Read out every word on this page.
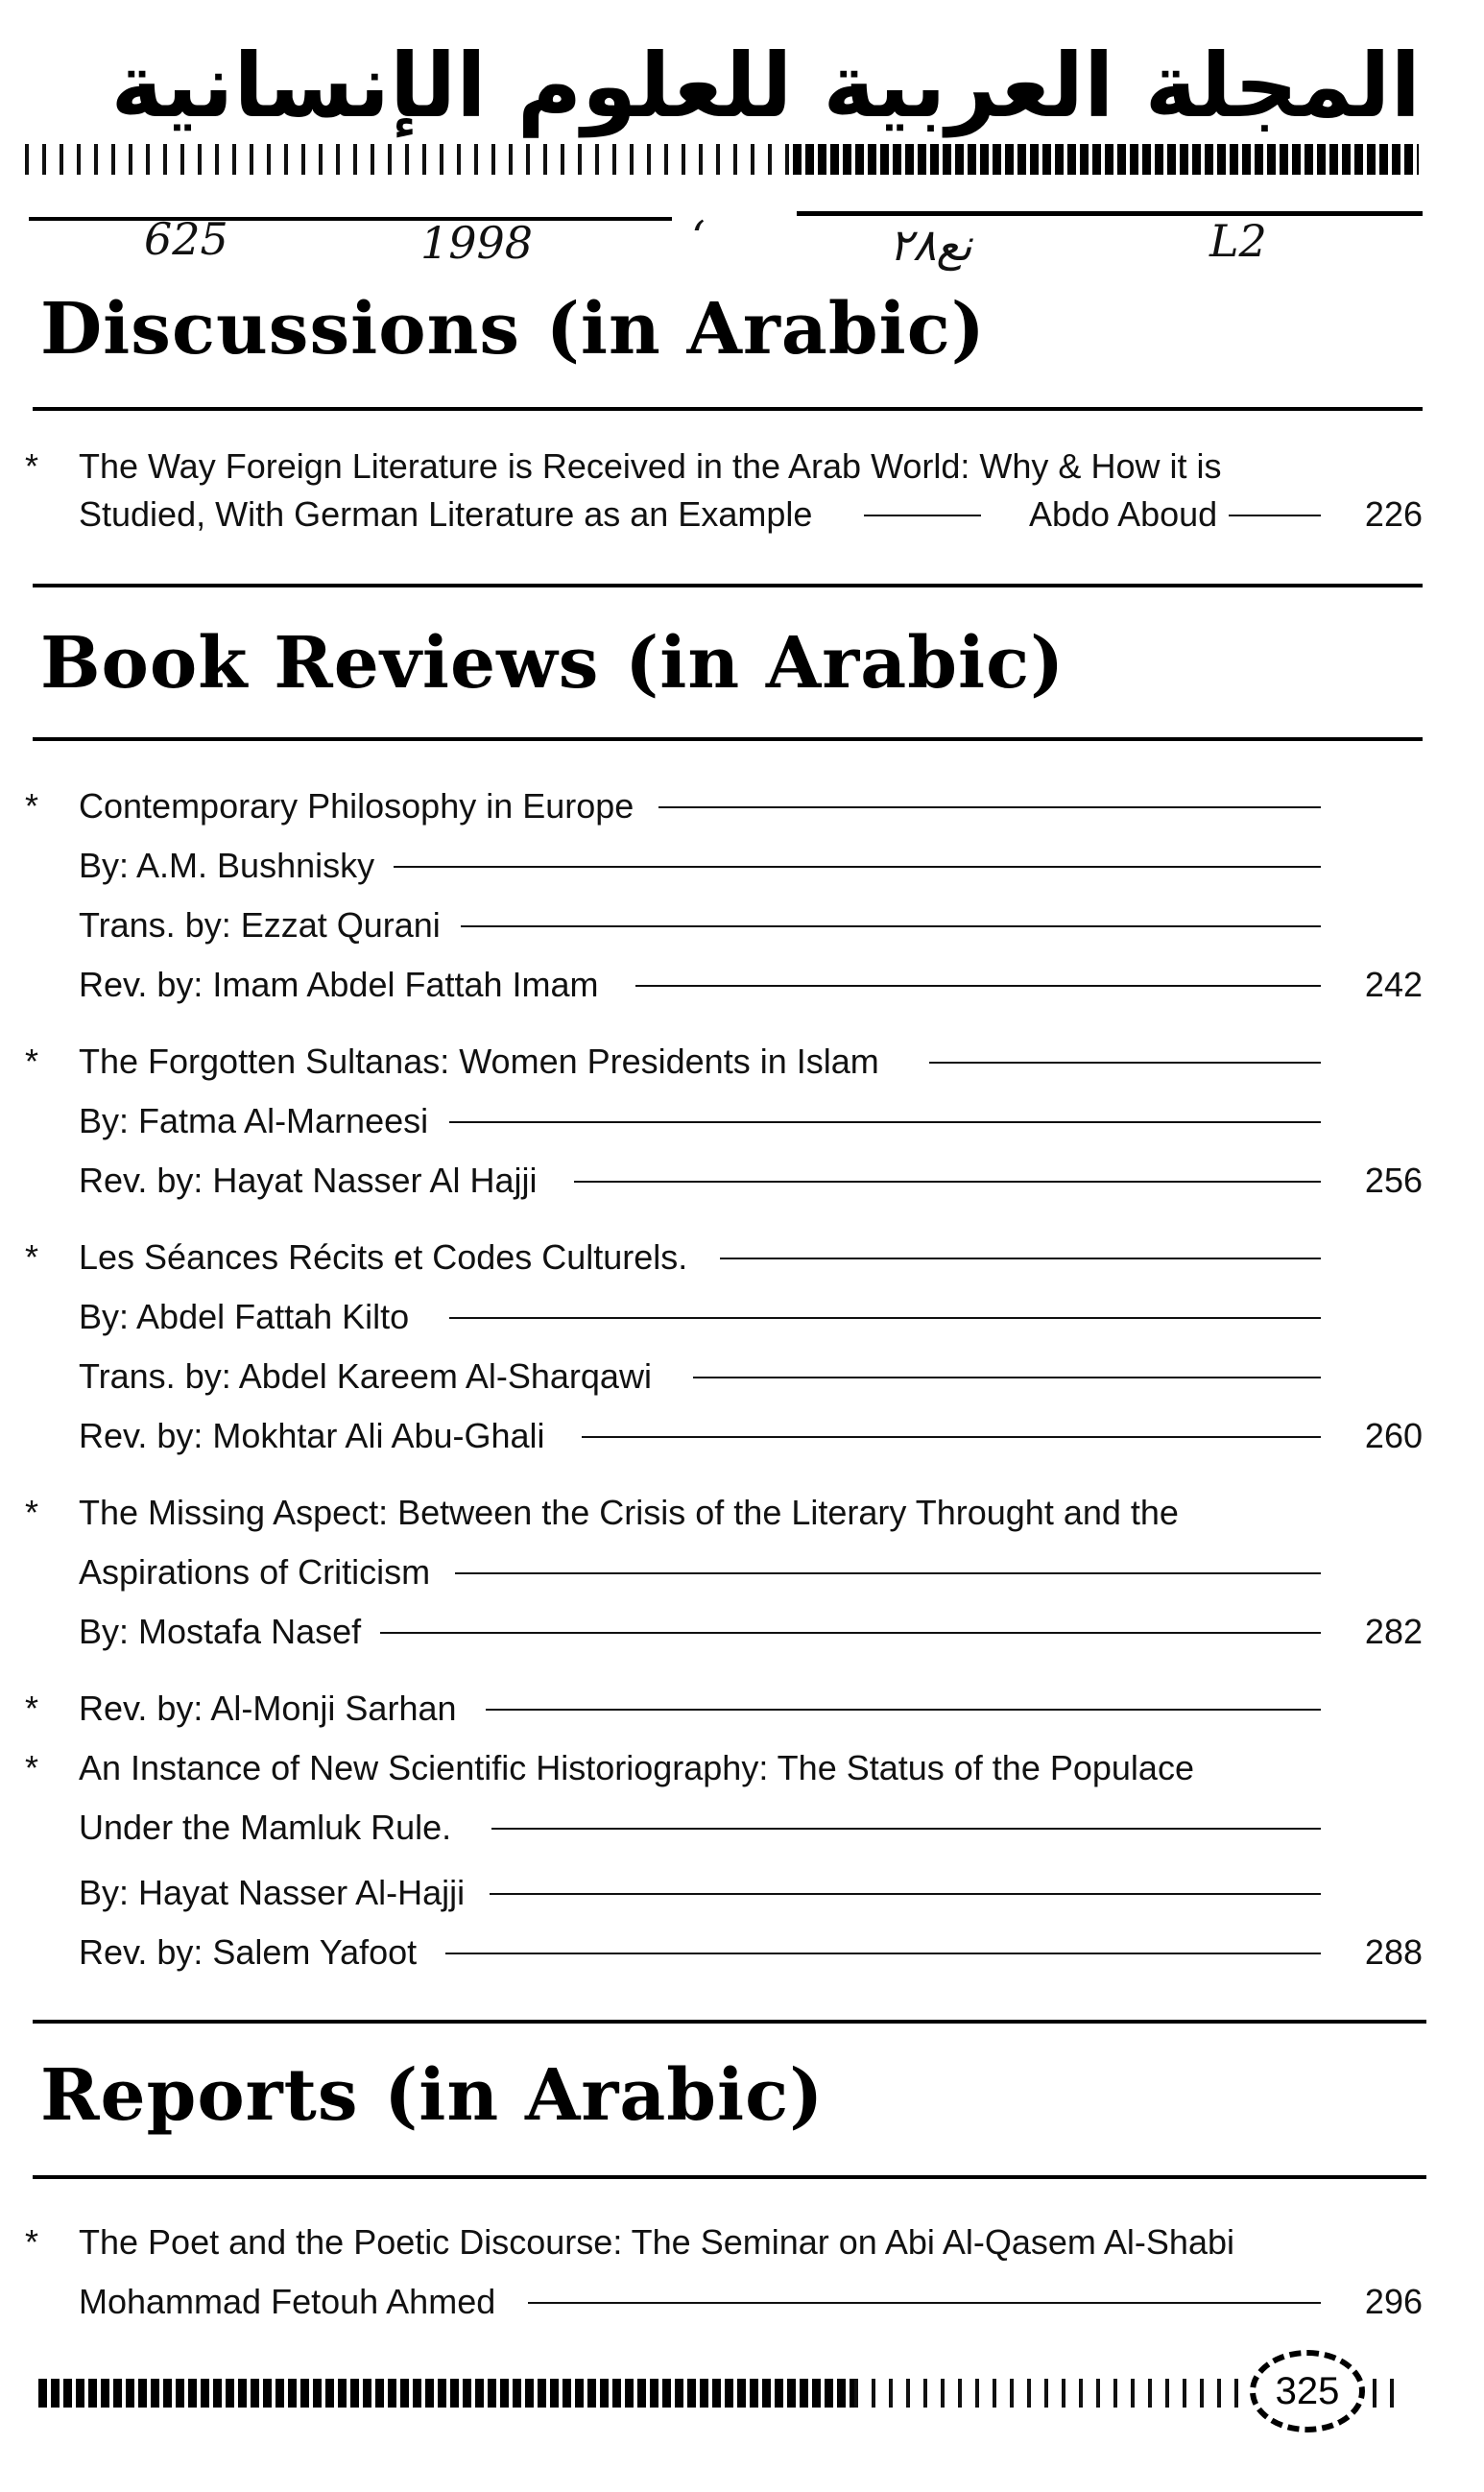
المجلة العربية للعلوم الإنسانية
625	1998	ʻ	نع٢٨	L2
Discussions (in Arabic)
* The Way Foreign Literature is Received in the Arab World: Why & How it is
Studied, With German Literature as an Example	Abdo Aboud	226
Book Reviews (in Arabic)
* Contemporary Philosophy in Europe
By: A.M. Bushnisky
Trans. by: Ezzat Qurani
Rev. by: Imam Abdel Fattah Imam	242
* The Forgotten Sultanas: Women Presidents in Islam
By: Fatma Al-Marneesi
Rev. by: Hayat Nasser Al Hajji	256
* Les Séances Récits et Codes Culturels.
By: Abdel Fattah Kilto
Trans. by: Abdel Kareem Al-Sharqawi
Rev. by: Mokhtar Ali Abu-Ghali	260
* The Missing Aspect: Between the Crisis of the Literary Throught and the
Aspirations of Criticism
By: Mostafa Nasef	282
* Rev. by: Al-Monji Sarhan
* An Instance of New Scientific Historiography: The Status of the Populace
Under the Mamluk Rule.
By: Hayat Nasser Al-Hajji
Rev. by: Salem Yafoot	288
Reports (in Arabic)
* The Poet and the Poetic Discourse: The Seminar on Abi Al-Qasem Al-Shabi
Mohammad Fetouh Ahmed	296
325
